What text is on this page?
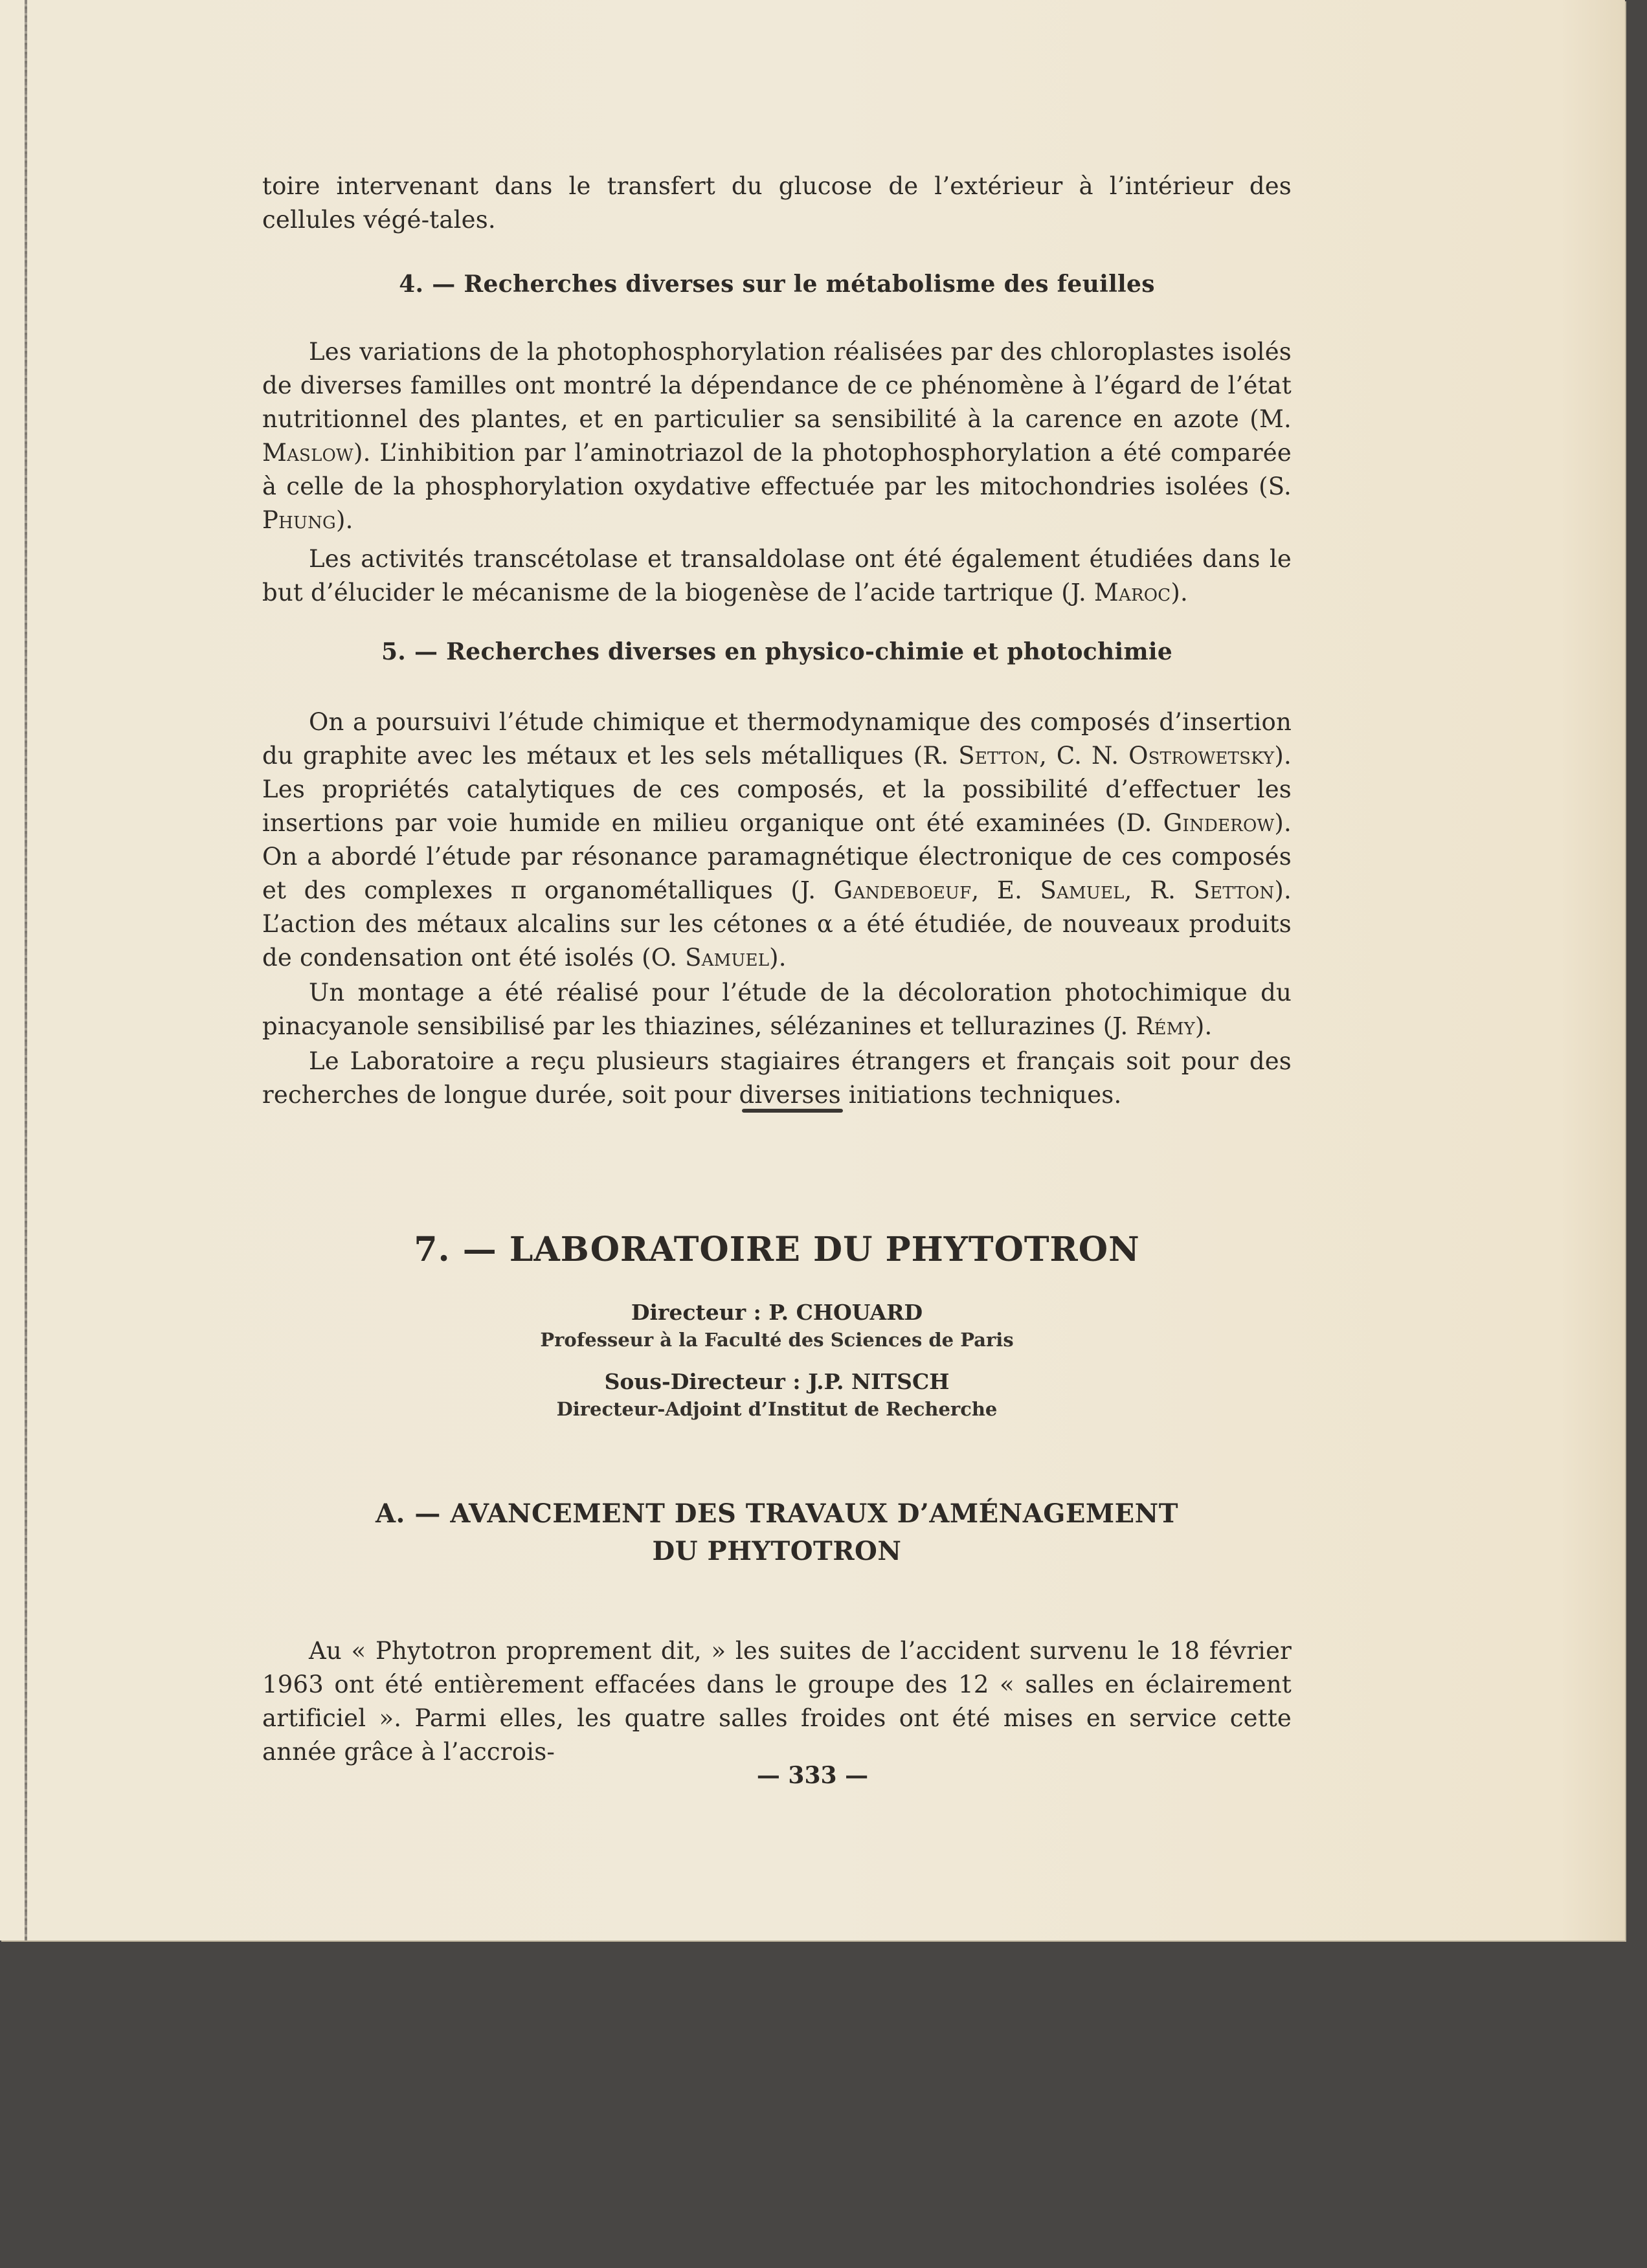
toire intervenant dans le transfert du glucose de l’extérieur à l’intérieur des cellules végé-tales.

4. — Recherches diverses sur le métabolisme des feuilles

Les variations de la photophosphorylation réalisées par des chloroplastes isolés de diverses familles ont montré la dépendance de ce phénomène à l’égard de l’état nutritionnel des plantes, et en particulier sa sensibilité à la carence en azote (M. Maslow). L’inhibition par l’aminotriazol de la photophosphorylation a été comparée à celle de la phosphorylation oxydative effectuée par les mitochondries isolées (S. Phung).

Les activités transcétolase et transaldolase ont été également étudiées dans le but d’élucider le mécanisme de la biogenèse de l’acide tartrique (J. Maroc).

5. — Recherches diverses en physico-chimie et photochimie

On a poursuivi l’étude chimique et thermodynamique des composés d’insertion du graphite avec les métaux et les sels métalliques (R. Setton, C. N. Ostrowetsky). Les propriétés catalytiques de ces composés, et la possibilité d’effectuer les insertions par voie humide en milieu organique ont été examinées (D. Ginderow). On a abordé l’étude par résonance paramagnétique électronique de ces composés et des complexes π organométalliques (J. Gandeboeuf, E. Samuel, R. Setton). L’action des métaux alcalins sur les cétones α a été étudiée, de nouveaux produits de condensation ont été isolés (O. Samuel).

Un montage a été réalisé pour l’étude de la décoloration photochimique du pinacyanole sensibilisé par les thiazines, sélézanines et tellurazines (J. Rémy).

Le Laboratoire a reçu plusieurs stagiaires étrangers et français soit pour des recherches de longue durée, soit pour diverses initiations techniques.

7. — LABORATOIRE DU PHYTOTRON
Directeur : P. CHOUARD
Professeur à la Faculté des Sciences de Paris
Sous-Directeur : J.P. NITSCH
Directeur-Adjoint d’Institut de Recherche
A. — AVANCEMENT DES TRAVAUX D’AMÉNAGEMENT
DU PHYTOTRON

Au « Phytotron proprement dit, » les suites de l’accident survenu le 18 février 1963 ont été entièrement effacées dans le groupe des 12 « salles en éclairement artificiel ». Parmi elles, les quatre salles froides ont été mises en service cette année grâce à l’accrois-

— 333 —
